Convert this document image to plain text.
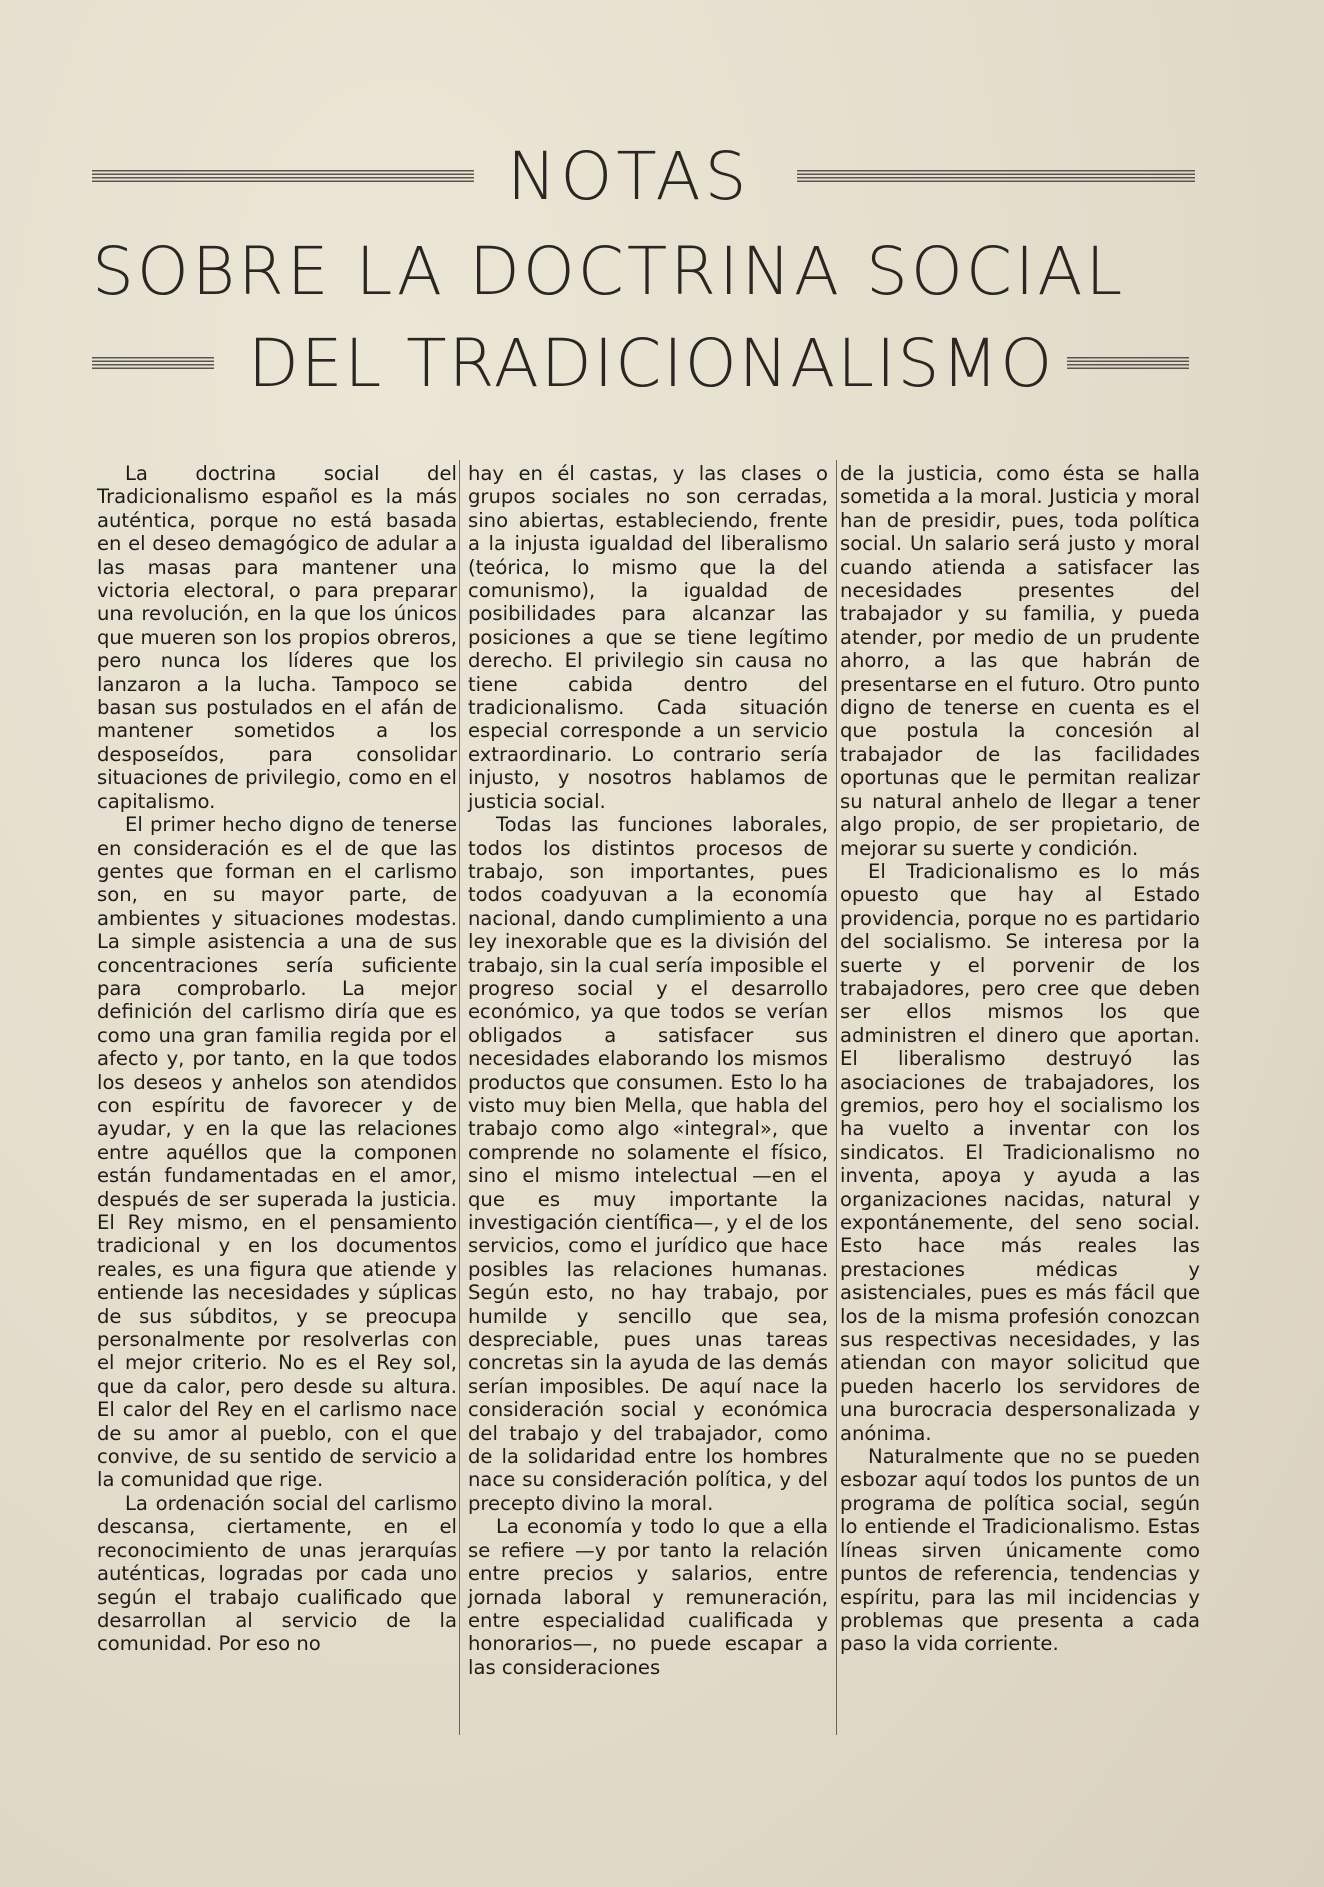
NOTAS
SOBRE LA DOCTRINA SOCIAL
DEL TRADICIONALISMO

La doctrina social del Tradicionalismo español es la más auténtica, porque no está basada en el deseo demagógico de adular a las masas para mantener una victoria electoral, o para preparar una revolución, en la que los únicos que mueren son los propios obreros, pero nunca los líderes que los lanzaron a la lucha. Tampoco se basan sus postulados en el afán de mantener sometidos a los desposeídos, para consolidar situaciones de privilegio, como en el capitalismo.

El primer hecho digno de tenerse en consideración es el de que las gentes que forman en el carlismo son, en su mayor parte, de ambientes y situaciones modestas. La simple asistencia a una de sus concentraciones sería suficiente para comprobarlo. La mejor definición del carlismo diría que es como una gran familia regida por el afecto y, por tanto, en la que todos los deseos y anhelos son atendidos con espíritu de favorecer y de ayudar, y en la que las relaciones entre aquéllos que la componen están fundamentadas en el amor, después de ser superada la justicia. El Rey mismo, en el pensamiento tradicional y en los documentos reales, es una figura que atiende y entiende las necesidades y súplicas de sus súbditos, y se preocupa personalmente por resolverlas con el mejor criterio. No es el Rey sol, que da calor, pero desde su altura. El calor del Rey en el carlismo nace de su amor al pueblo, con el que convive, de su sentido de servicio a la comunidad que rige.

La ordenación social del carlismo descansa, ciertamente, en el reconocimiento de unas jerarquías auténticas, logradas por cada uno según el trabajo cualificado que desarrollan al servicio de la comunidad. Por eso no

hay en él castas, y las clases o grupos sociales no son cerradas, sino abiertas, estableciendo, frente a la injusta igualdad del liberalismo (teórica, lo mismo que la del comunismo), la igualdad de posibilidades para alcanzar las posiciones a que se tiene legítimo derecho. El privilegio sin causa no tiene cabida dentro del tradicionalismo. Cada situación especial corresponde a un servicio extraordinario. Lo contrario sería injusto, y nosotros hablamos de justicia social.

Todas las funciones laborales, todos los distintos procesos de trabajo, son importantes, pues todos coadyuvan a la economía nacional, dando cumplimiento a una ley inexorable que es la división del trabajo, sin la cual sería imposible el progreso social y el desarrollo económico, ya que todos se verían obligados a satisfacer sus necesidades elaborando los mismos productos que consumen. Esto lo ha visto muy bien Mella, que habla del trabajo como algo «integral», que comprende no solamente el físico, sino el mismo intelectual —en el que es muy importante la investigación científica—, y el de los servicios, como el jurídico que hace posibles las relaciones humanas. Según esto, no hay trabajo, por humilde y sencillo que sea, despreciable, pues unas tareas concretas sin la ayuda de las demás serían imposibles. De aquí nace la consideración social y económica del trabajo y del trabajador, como de la solidaridad entre los hombres nace su consideración política, y del precepto divino la moral.

La economía y todo lo que a ella se refiere —y por tanto la relación entre precios y salarios, entre jornada laboral y remuneración, entre especialidad cualificada y honorarios—, no puede escapar a las consideraciones

de la justicia, como ésta se halla sometida a la moral. Justicia y moral han de presidir, pues, toda política social. Un salario será justo y moral cuando atienda a satisfacer las necesidades presentes del trabajador y su familia, y pueda atender, por medio de un prudente ahorro, a las que habrán de presentarse en el futuro. Otro punto digno de tenerse en cuenta es el que postula la concesión al trabajador de las facilidades oportunas que le permitan realizar su natural anhelo de llegar a tener algo propio, de ser propietario, de mejorar su suerte y condición.

El Tradicionalismo es lo más opuesto que hay al Estado providencia, porque no es partidario del socialismo. Se interesa por la suerte y el porvenir de los trabajadores, pero cree que deben ser ellos mismos los que administren el dinero que aportan. El liberalismo destruyó las asociaciones de trabajadores, los gremios, pero hoy el socialismo los ha vuelto a inventar con los sindicatos. El Tradicionalismo no inventa, apoya y ayuda a las organizaciones nacidas, natural y expontánemente, del seno social. Esto hace más reales las prestaciones médicas y asistenciales, pues es más fácil que los de la misma profesión conozcan sus respectivas necesidades, y las atiendan con mayor solicitud que pueden hacerlo los servidores de una burocracia despersonalizada y anónima.

Naturalmente que no se pueden esbozar aquí todos los puntos de un programa de política social, según lo entiende el Tradicionalismo. Estas líneas sirven únicamente como puntos de referencia, tendencias y espíritu, para las mil incidencias y problemas que presenta a cada paso la vida corriente.
